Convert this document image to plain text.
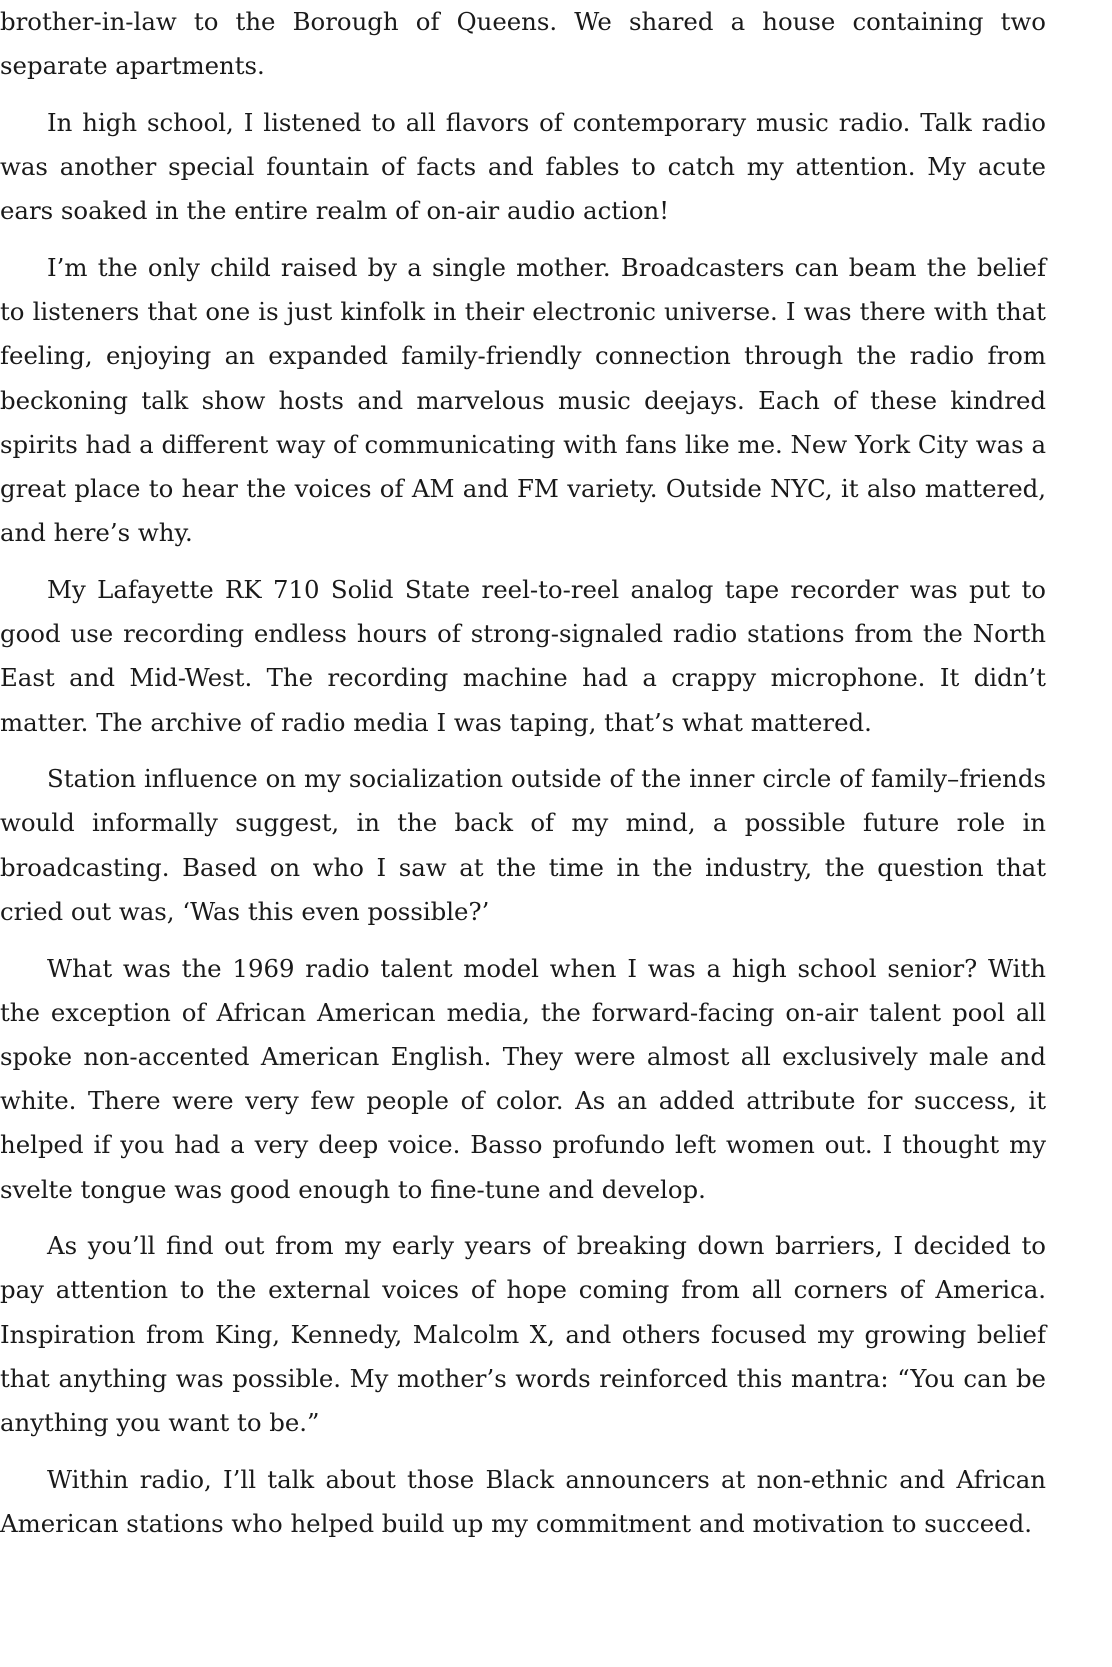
brother-in-law to the Borough of Queens. We shared a house containing two separate apartments.

In high school, I listened to all flavors of contemporary music radio. Talk radio was another special fountain of facts and fables to catch my attention. My acute ears soaked in the entire realm of on-air audio action!

I’m the only child raised by a single mother. Broadcasters can beam the belief to listeners that one is just kinfolk in their electronic universe. I was there with that feeling, enjoying an expanded family-friendly connection through the radio from beckoning talk show hosts and marvelous music deejays. Each of these kindred spirits had a different way of communicating with fans like me. New York City was a great place to hear the voices of AM and FM variety. Outside NYC, it also mattered, and here’s why.

My Lafayette RK 710 Solid State reel-to-reel analog tape recorder was put to good use recording endless hours of strong-signaled radio stations from the North East and Mid-West. The recording machine had a crappy microphone. It didn’t matter. The archive of radio media I was taping, that’s what mattered.

Station influence on my socialization outside of the inner circle of family–friends would informally suggest, in the back of my mind, a possible future role in broadcasting. Based on who I saw at the time in the industry, the question that cried out was, ‘Was this even possible?’

What was the 1969 radio talent model when I was a high school senior? With the exception of African American media, the forward-facing on-air talent pool all spoke non-accented American English. They were almost all exclusively male and white. There were very few people of color. As an added attribute for success, it helped if you had a very deep voice. Basso profundo left women out. I thought my svelte tongue was good enough to fine-tune and develop.

As you’ll find out from my early years of breaking down barriers, I decided to pay attention to the external voices of hope coming from all corners of America. Inspiration from King, Kennedy, Malcolm X, and others focused my growing belief that anything was possible. My mother’s words reinforced this mantra: “You can be anything you want to be.”

Within radio, I’ll talk about those Black announcers at non-ethnic and African American stations who helped build up my commitment and motivation to succeed.
